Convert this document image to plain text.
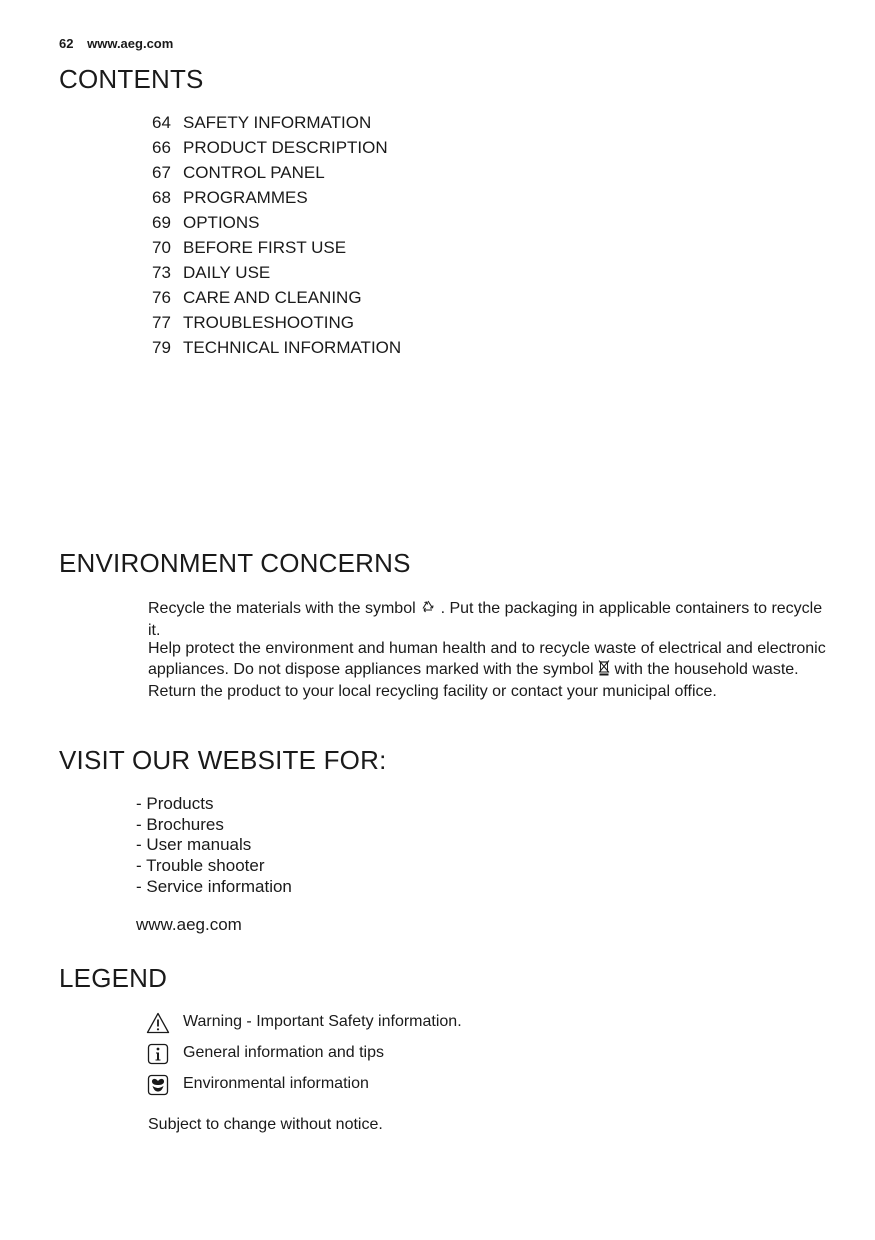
62 www.aeg.com
CONTENTS
64 SAFETY INFORMATION
66 PRODUCT DESCRIPTION
67 CONTROL PANEL
68 PROGRAMMES
69 OPTIONS
70 BEFORE FIRST USE
73 DAILY USE
76 CARE AND CLEANING
77 TROUBLESHOOTING
79 TECHNICAL INFORMATION
ENVIRONMENT CONCERNS

Recycle the materials with the symbol . Put the packaging in applicable containers to recycle it.

Help protect the environment and human health and to recycle waste of electrical and electronic appliances. Do not dispose appliances marked with the symbol with the household waste. Return the product to your local recycling facility or contact your municipal office.

VISIT OUR WEBSITE FOR:
- Products
- Brochures
- User manuals
- Trouble shooter
- Service information

www.aeg.com

LEGEND
Warning - Important Safety information.
General information and tips
Environmental information

Subject to change without notice.
